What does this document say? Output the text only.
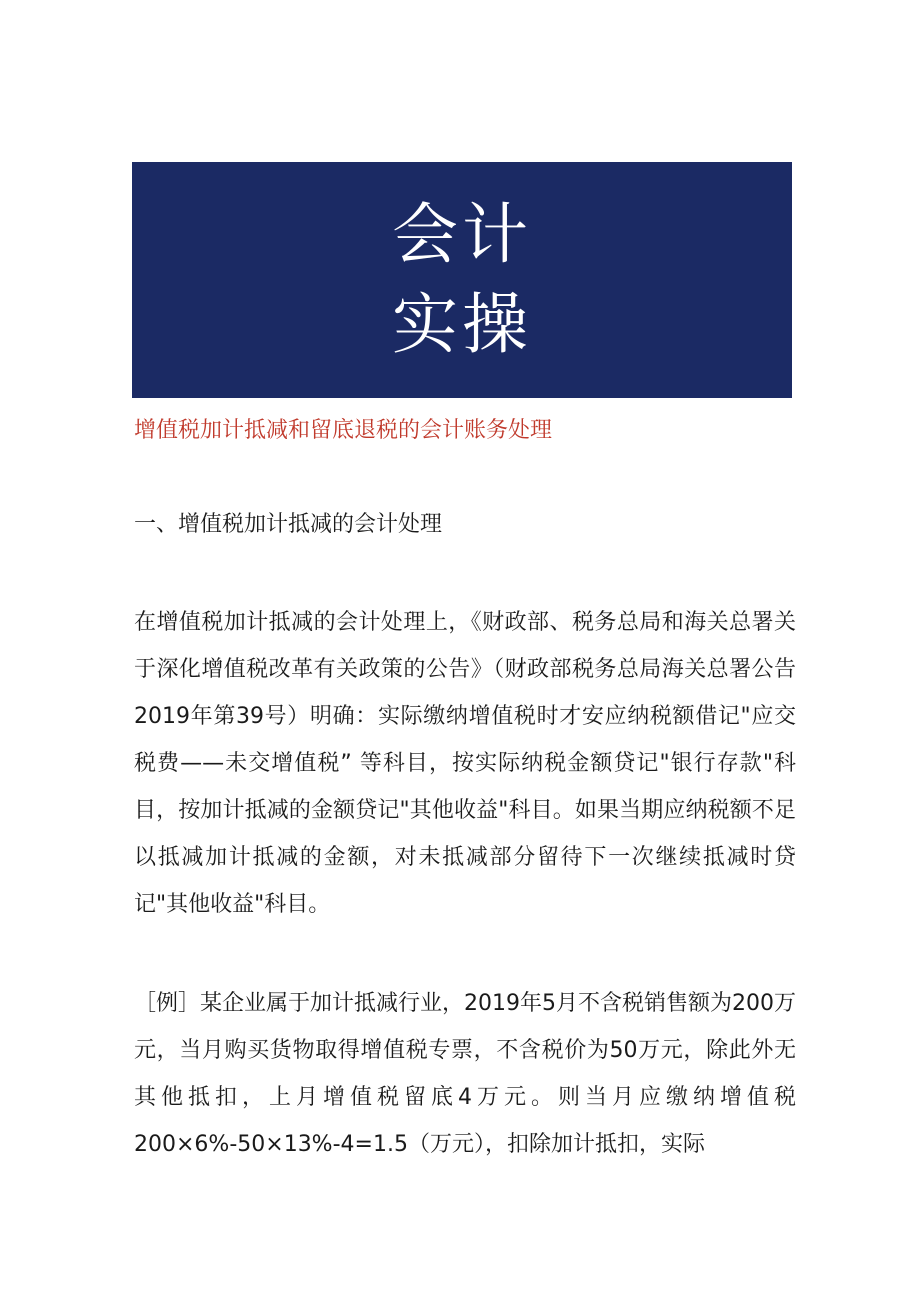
会计
实操
增值税加计抵减和留底退税的会计账务处理
一、增值税加计抵减的会计处理
在增值税加计抵减的会计处理上，《财政部、税务总局和海关总署关于深化增值税改革有关政策的公告》（财政部税务总局海关总署公告2019年第39号）明确：实际缴纳增值税时才安应纳税额借记"应交税费——未交增值税” 等科目，按实际纳税金额贷记"银行存款"科目，按加计抵减的金额贷记"其他收益"科目。如果当期应纳税额不足以抵减加计抵减的金额，对未抵减部分留待下一次继续抵减时贷记"其他收益"科目。
［例］某企业属于加计抵减行业，2019年5月不含税销售额为200万元，当月购买货物取得增值税专票，不含税价为50万元，除此外无其他抵扣，上月增值税留底4万元。则当月应缴纳增值税200×6%-50×13%-4=1.5（万元），扣除加计抵扣，实际
